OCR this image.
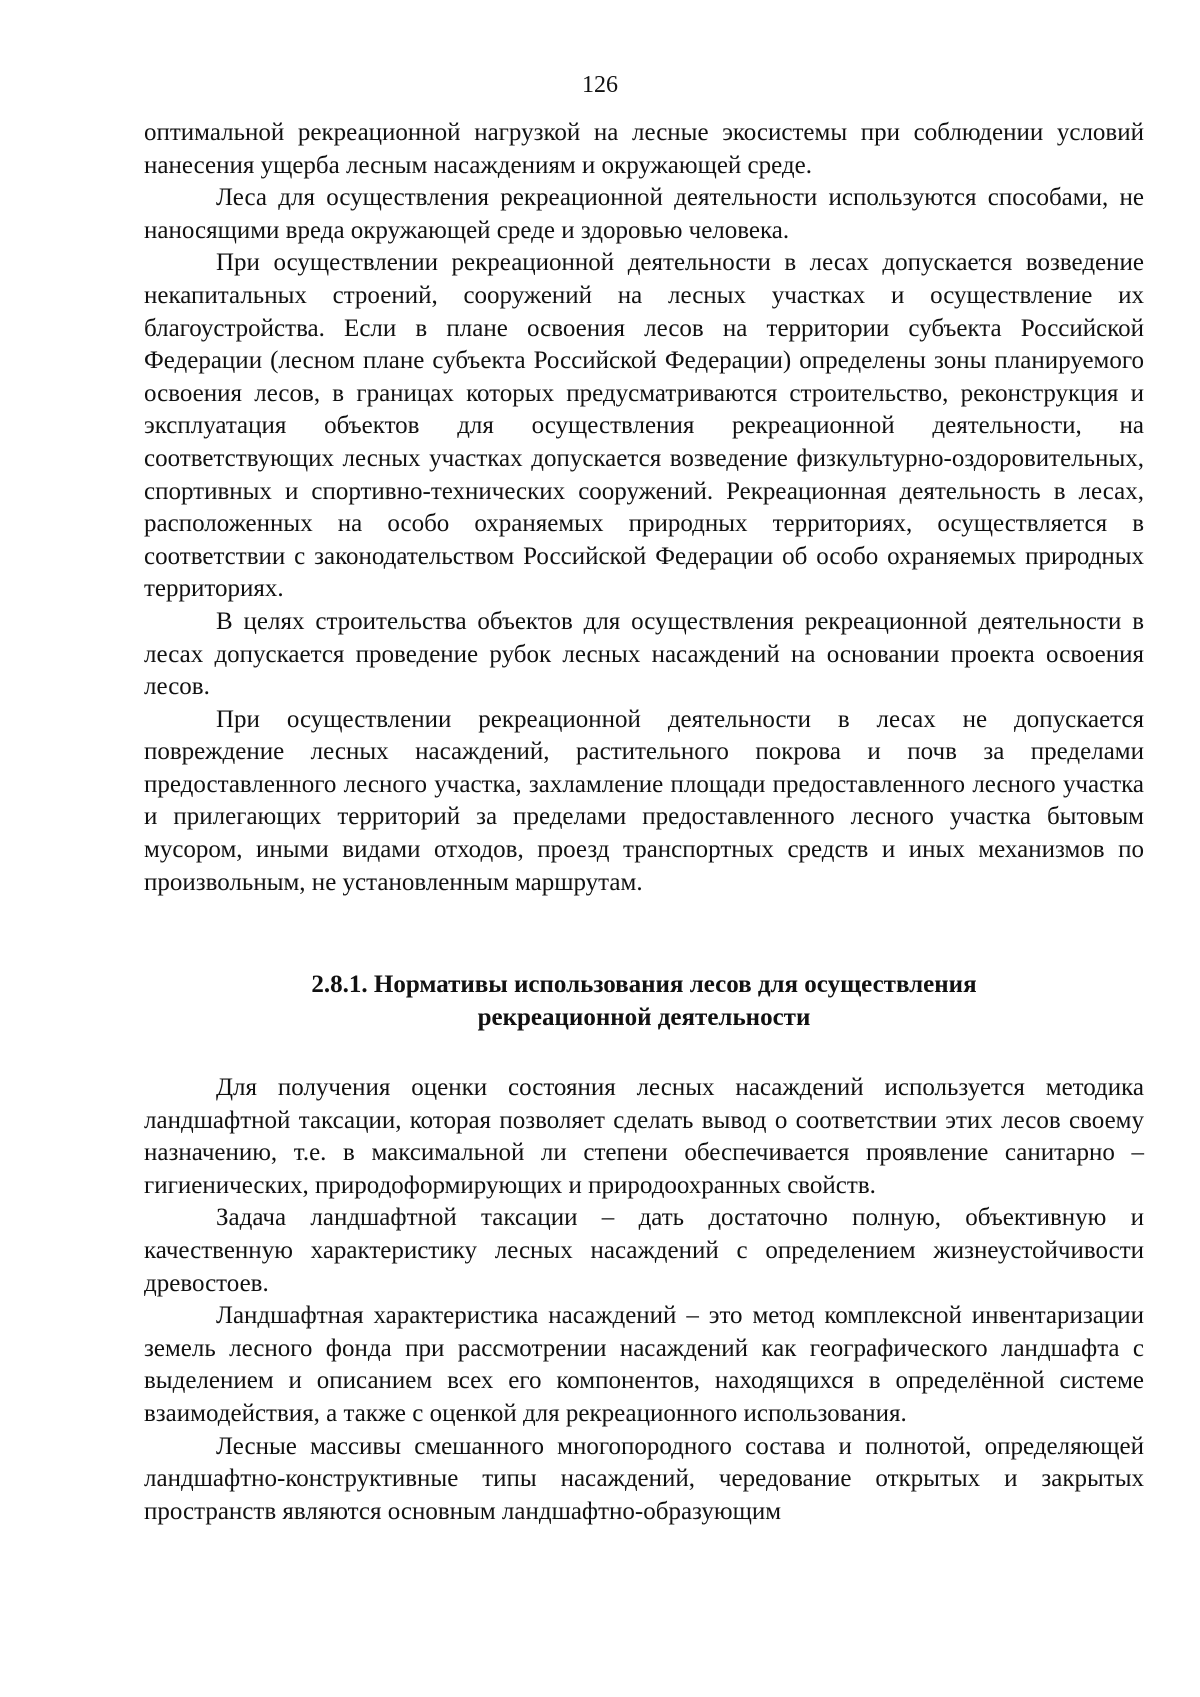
126

оптимальной рекреационной нагрузкой на лесные экосистемы при соблюдении условий нанесения ущерба лесным насаждениям и окружающей среде.

Леса для осуществления рекреационной деятельности используются способами, не наносящими вреда окружающей среде и здоровью человека.

При осуществлении рекреационной деятельности в лесах допускается возведение некапитальных строений, сооружений на лесных участках и осуществление их благоустройства. Если в плане освоения лесов на территории субъекта Российской Федерации (лесном плане субъекта Российской Федерации) определены зоны планируемого освоения лесов, в границах которых предусматриваются строительство, реконструкция и эксплуатация объектов для осуществления рекреационной деятельности, на соответствующих лесных участках допускается возведение физкультурно-оздоровительных, спортивных и спортивно-технических сооружений. Рекреационная деятельность в лесах, расположенных на особо охраняемых природных территориях, осуществляется в соответствии с законодательством Российской Федерации об особо охраняемых природных территориях.

В целях строительства объектов для осуществления рекреационной деятельности в лесах допускается проведение рубок лесных насаждений на основании проекта освоения лесов.

При осуществлении рекреационной деятельности в лесах не допускается повреждение лесных насаждений, растительного покрова и почв за пределами предоставленного лесного участка, захламление площади предоставленного лесного участка и прилегающих территорий за пределами предоставленного лесного участка бытовым мусором, иными видами отходов, проезд транспортных средств и иных механизмов по произвольным, не установленным маршрутам.

2.8.1. Нормативы использования лесов для осуществления
рекреационной деятельности

Для получения оценки состояния лесных насаждений используется методика ландшафтной таксации, которая позволяет сделать вывод о соответствии этих лесов своему назначению, т.е. в максимальной ли степени обеспечивается проявление санитарно – гигиенических, природоформирующих и природоохранных свойств.

Задача ландшафтной таксации – дать достаточно полную, объективную и качественную характеристику лесных насаждений с определением жизнеустойчивости древостоев.

Ландшафтная характеристика насаждений – это метод комплексной инвентаризации земель лесного фонда при рассмотрении насаждений как географического ландшафта с выделением и описанием всех его компонентов, находящихся в определённой системе взаимодействия, а также с оценкой для рекреационного использования.

Лесные массивы смешанного многопородного состава и полнотой, определяющей ландшафтно-конструктивные типы насаждений, чередование открытых и закрытых пространств являются основным ландшафтно-образующим
